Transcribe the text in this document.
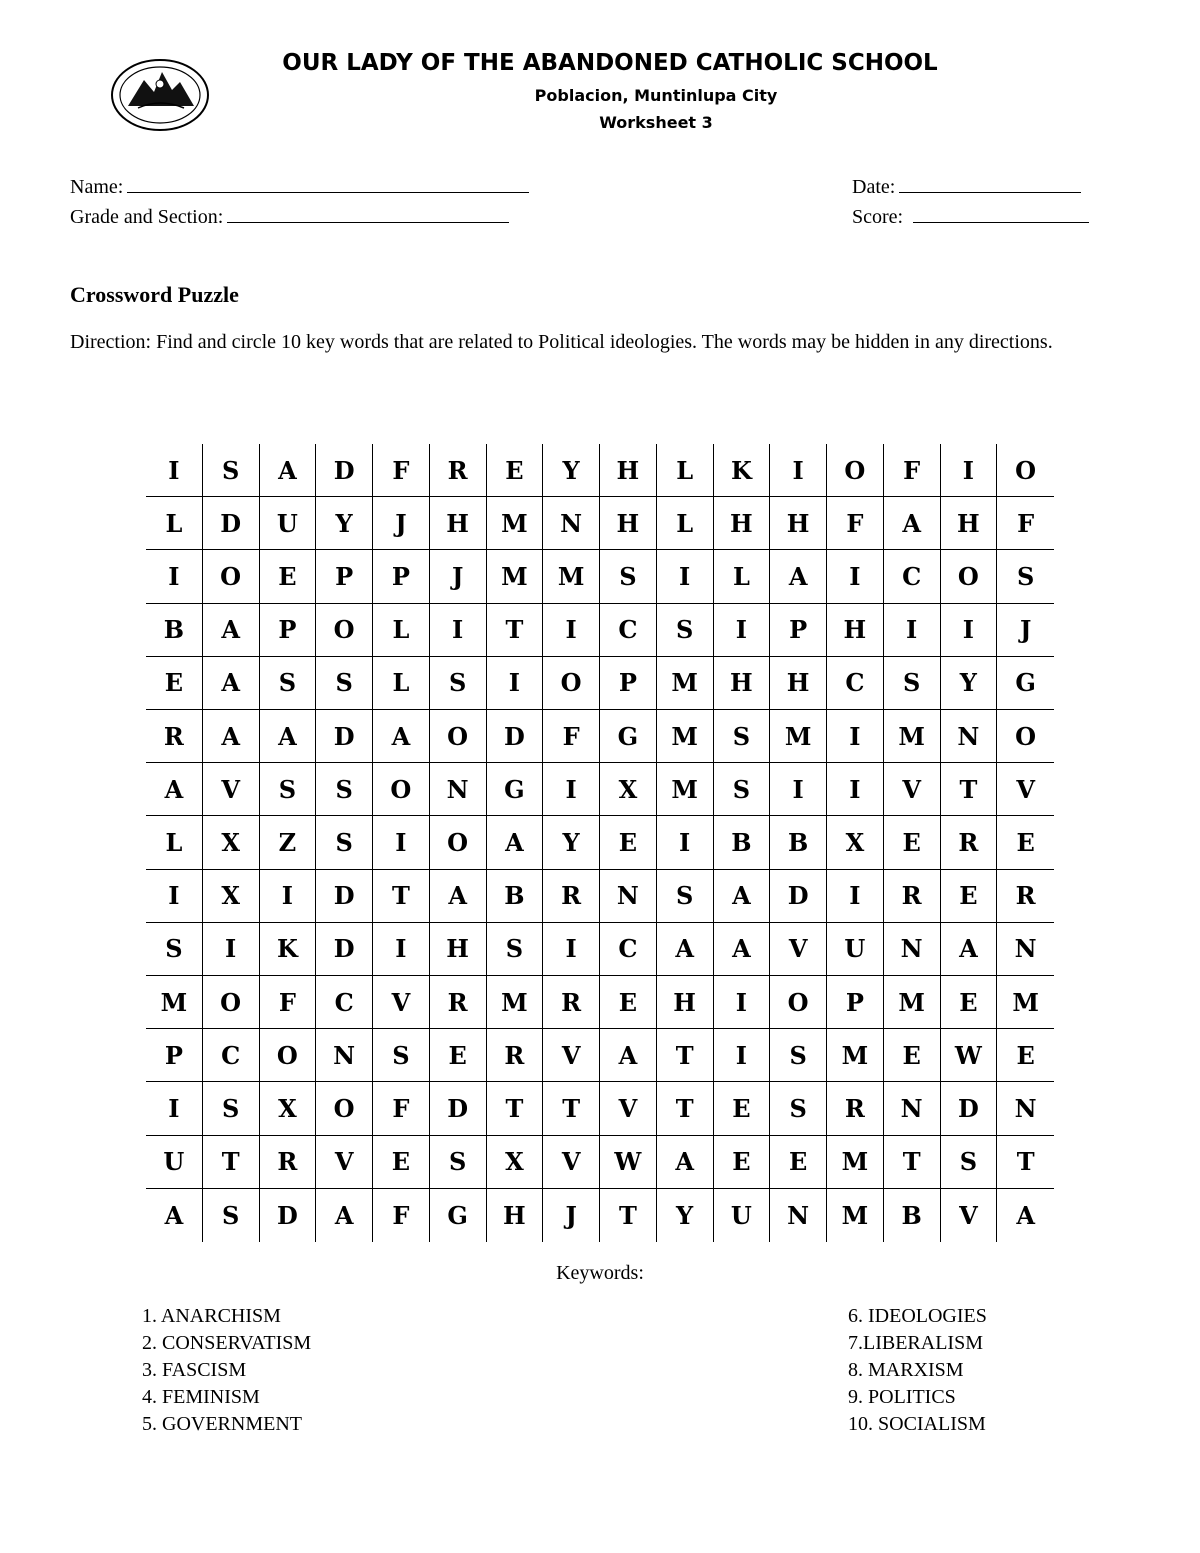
OUR LADY OF THE ABANDONED CATHOLIC SCHOOL
Poblacion, Muntinlupa City
Worksheet 3
Name:
Grade and Section:
Date:
Score:
Crossword Puzzle
Direction: Find and circle 10 key words that are related to Political ideologies. The words may be hidden in any directions.
I	S	A	D	F	R	E	Y	H	L	K	I	O	F	I	O
L	D	U	Y	J	H	M	N	H	L	H	H	F	A	H	F
I	O	E	P	P	J	M	M	S	I	L	A	I	C	O	S
B	A	P	O	L	I	T	I	C	S	I	P	H	I	I	J
E	A	S	S	L	S	I	O	P	M	H	H	C	S	Y	G
R	A	A	D	A	O	D	F	G	M	S	M	I	M	N	O
A	V	S	S	O	N	G	I	X	M	S	I	I	V	T	V
L	X	Z	S	I	O	A	Y	E	I	B	B	X	E	R	E
I	X	I	D	T	A	B	R	N	S	A	D	I	R	E	R
S	I	K	D	I	H	S	I	C	A	A	V	U	N	A	N
M	O	F	C	V	R	M	R	E	H	I	O	P	M	E	M
P	C	O	N	S	E	R	V	A	T	I	S	M	E	W	E
I	S	X	O	F	D	T	T	V	T	E	S	R	N	D	N
U	T	R	V	E	S	X	V	W	A	E	E	M	T	S	T
A	S	D	A	F	G	H	J	T	Y	U	N	M	B	V	A
Keywords:
1. ANARCHISM
2. CONSERVATISM
3. FASCISM
4. FEMINISM
5. GOVERNMENT
6. IDEOLOGIES
7.LIBERALISM
8. MARXISM
9. POLITICS
10. SOCIALISM
